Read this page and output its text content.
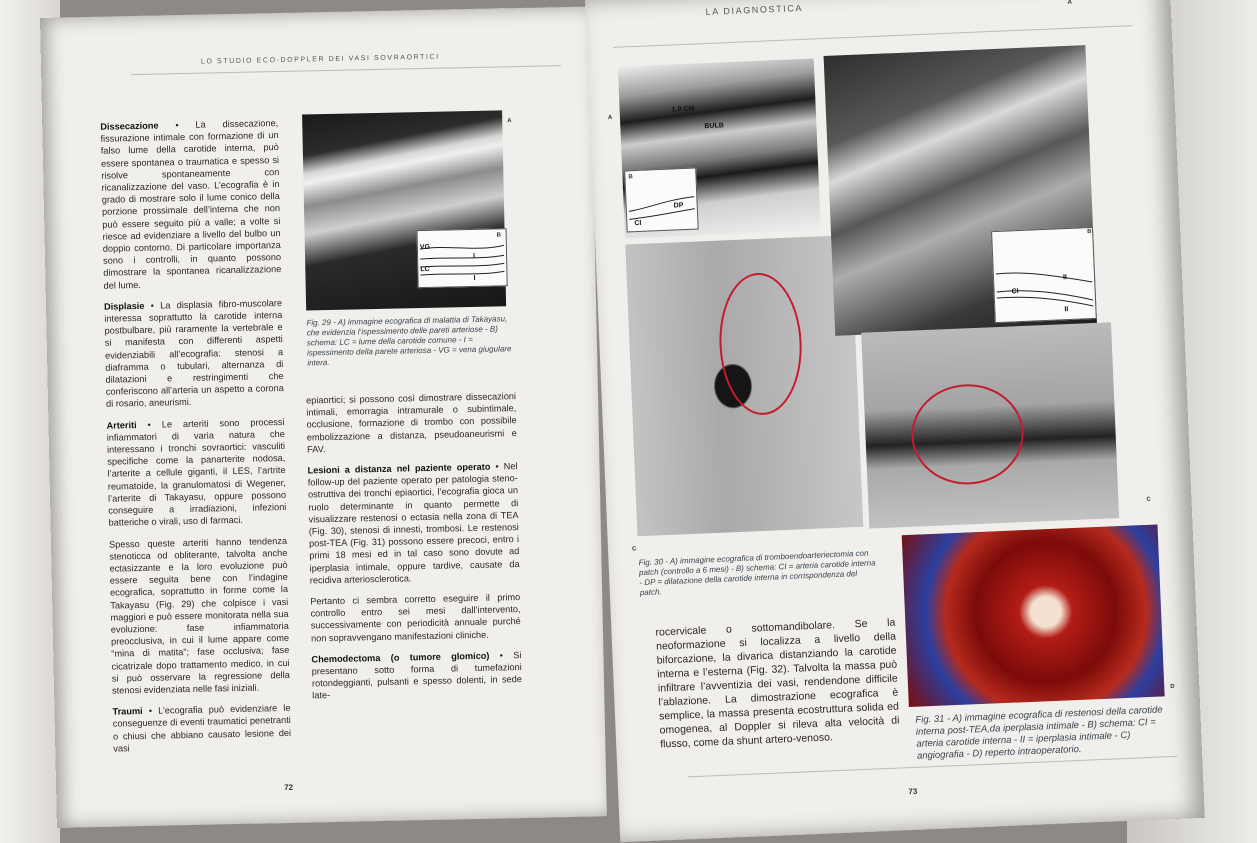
LO STUDIO ECO-DOPPLER DEI VASI SOVRAORTICI

Dissecazione • La dissecazione, fissurazione intimale con formazione di un falso lume della carotide interna, può essere spontanea o traumatica e spesso si risolve spontaneamente con ricanalizzazione del vaso. L’ecografia è in grado di mostrare solo il lume conico della porzione prossimale dell’interna che non può essere seguito più a valle; a volte si riesce ad evidenziare a livello del bulbo un doppio contorno. Di particolare importanza sono i controlli, in quanto possono dimostrare la spontanea ricanalizzazione del lume.

Displasie • La displasia fibro-muscolare interessa soprattutto la carotide interna postbulbare, più raramente la vertebrale e si manifesta con differenti aspetti evidenziabili all’ecografia: stenosi a diaframma o tubulari, alternanza di dilatazioni e restringimenti che conferiscono all’arteria un aspetto a corona di rosario, aneurismi.

Arteriti • Le arteriti sono processi infiammatori di varia natura che interessano i tronchi sovraortici: vasculiti specifiche come la panarterite nodosa, l’arterite a cellule giganti, il LES, l’artrite reumatoide, la granulomatosi di Wegener, l’arterite di Takayasu, oppure possono conseguire a irradiazioni, infezioni batteriche o virali, uso di farmaci.

Spesso queste arteriti hanno tendenza stenoticca od obliterante, talvolta anche ectasizzante e la loro evoluzione può essere seguita bene con l’indagine ecografica, soprattutto in forme come la Takayasu (Fig. 29) che colpisce i vasi maggiori e può essere monitorata nella sua evoluzione: fase infiammatoria preocclusiva, in cui il lume appare come “mina di matita”; fase occlusiva; fase cicatrizale dopo trattamento medico, in cui si può osservare la regressione della stenosi evidenziata nelle fasi iniziali.

Traumi • L’ecografia può evidenziare le conseguenze di eventi traumatici penetranti o chiusi che abbiano causato lesione dei vasi

A
VG
LC
I
I
B
Fig. 29 - A) immagine ecografica di malattia di Takayasu, che evidenzia l’ispessimento delle pareti arteriose - B) schema: LC = lume della carotide comune - I = ispessimento della parete arteriosa - VG = vena giugulare intera.

epiaortici; si possono così dimostrare dissecazioni intimali, emorragia intramurale o subintimale, occlusione, formazione di trombo con possibile embolizzazione a distanza, pseudoaneurismi e FAV.

Lesioni a distanza nel paziente operato • Nel follow-up del paziente operato per patologia steno-ostruttiva dei tronchi epiaortici, l’ecografia gioca un ruolo determinante in quanto permette di visualizzare restenosi o ectasia nella zona di TEA (Fig. 30), stenosi di innesti, trombosi. Le restenosi post-TEA (Fig. 31) possono essere precoci, entro i primi 18 mesi ed in tal caso sono dovute ad iperplasia intimale, oppure tardive, causate da recidiva arteriosclerotica.

Pertanto ci sembra corretto eseguire il primo controllo entro sei mesi dall’intervento, successivamente con periodicità annuale purché non sopravvengano manifestazioni cliniche.

Chemodectoma (o tumore glomico) • Si presentano sotto forma di tumefazioni rotondeggianti, pulsanti e spesso dolenti, in sede late-

72
LA DIAGNOSTICA
1.9 CM
BULB
A
DP
CI
B
C Fig. 30 - A) immagine ecografica di tromboendoarteriectomia con patch (controllo a 6 mesi) - B) schema: CI = arteria carotide interna - DP = dilatazione della carotide interna in corrispondenza del patch.

rocervicale o sottomandibolare. Se la neoformazione si localizza a livello della biforcazione, la divarica distanziando la carotide interna e l’esterna (Fig. 32). Talvolta la massa può infiltrare l’avventizia dei vasi, rendendone difficile l’ablazione. La dimostrazione ecografica è semplice, la massa presenta ecostruttura solida ed omogenea, al Doppler si rileva alta velocità di flusso, come da shunt artero-venoso.

A
II
CI
II
B
C
D
Fig. 31 - A) immagine ecografica di restenosi della carotide interna post-TEA,da iperplasia intimale - B) schema: CI = arteria carotide interna - II = iperplasia intimale - C) angiografia - D) reperto intraoperatorio.
73
